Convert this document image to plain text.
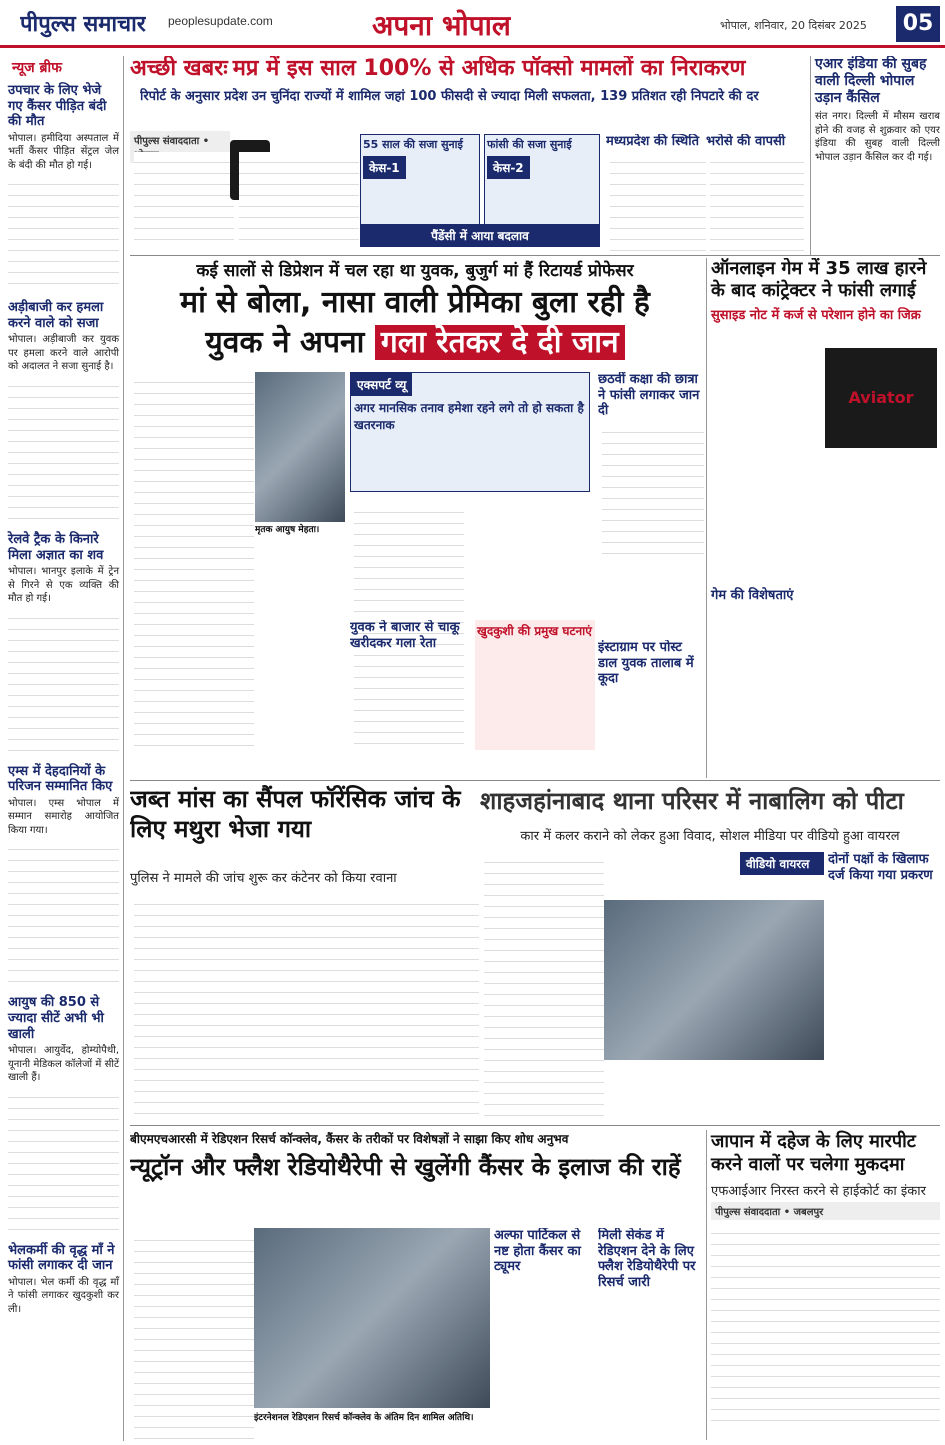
पीपुल्स समाचार peoplesupdate.com	अपना भोपाल	भोपाल, शनिवार, 20 दिसंबर 2025	05
न्यूज ब्रीफ
उपचार के लिए भेजे गए कैंसर पीड़ित बंदी की मौत
भोपाल। हमीदिया अस्पताल में भर्ती कैंसर पीड़ित सेंट्रल जेल के बंदी की मौत हो गई।
अड़ीबाजी कर हमला करने वाले को सजा
भोपाल। अड़ीबाजी कर युवक पर हमला करने वाले आरोपी को अदालत ने सजा सुनाई है।
रेलवे ट्रैक के किनारे मिला अज्ञात का शव
भोपाल। भानपुर इलाके में ट्रेन से गिरने से एक व्यक्ति की मौत हो गई।
एम्स में देहदानियों के परिजन सम्मानित किए
भोपाल। एम्स भोपाल में सम्मान समारोह आयोजित किया गया।
आयुष की 850 से ज्यादा सीटें अभी भी खाली
भोपाल। आयुर्वेद, होम्योपैथी, यूनानी मेडिकल कॉलेजों में सीटें खाली हैं।
भेलकर्मी की वृद्ध माँ ने फांसी लगाकर दी जान
भोपाल। भेल कर्मी की वृद्ध माँ ने फांसी लगाकर खुदकुशी कर ली।
अच्छी खबरः मप्र में इस साल 100% से अधिक पॉक्सो मामलों का निराकरण
रिपोर्ट के अनुसार प्रदेश उन चुनिंदा राज्यों में शामिल जहां 100 फीसदी से ज्यादा मिली सफलता, 139 प्रतिशत रही निपटारे की दर
पीपुल्स संवाददाता •	55 साल की सजा सुनाई
केस-1
फांसी की सजा सुनाई
केस-2
पैंडेंसी में आया बदलाव
मध्यप्रदेश की स्थिति भरोसे की वापसी
एआर इंडिया की सुबह वाली दिल्ली भोपाल उड़ान कैंसिल
संत नगर। दिल्ली में मौसम खराब होने की वजह से शुक्रवार को एयर इंडिया की सुबह वाली दिल्ली भोपाल उड़ान कैंसिल कर दी गई।
कई सालों से डिप्रेशन में चल रहा था युवक, बुजुर्ग मां हैं रिटायर्ड प्रोफेसर
मां से बोला, नासा वाली प्रेमिका बुला रही है
युवक ने अपना गला रेतकर दे दी जान
मृतक आयुष मेहता।
एक्सपर्ट व्यू
अगर मानसिक तनाव हमेशा रहने लगे तो हो सकता है खतरनाक
छठवीं कक्षा की छात्रा ने फांसी लगाकर जान दी
युवक ने बाजार से चाकू खरीदकर गला रेता
खुदकुशी की प्रमुख घटनाएं
इंस्टाग्राम पर पोस्ट डाल युवक तालाब में कूदा
ऑनलाइन गेम में 35 लाख हारने के बाद कांट्रेक्टर ने फांसी लगाई
सुसाइड नोट में कर्ज से परेशान होने का जिक्र
Aviator
गेम की विशेषताएं
जब्त मांस का सैंपल फॉरेंसिक जांच के लिए मथुरा भेजा गया
पुलिस ने मामले की जांच शुरू कर कंटेनर को किया रवाना
शाहजहांनाबाद थाना परिसर में नाबालिग को पीटा
कार में कलर कराने को लेकर हुआ विवाद, सोशल मीडिया पर वीडियो हुआ वायरल
वीडियो वायरल	दोनों पक्षों के खिलाफ दर्ज किया गया प्रकरण
बीएमएचआरसी में रेडिएशन रिसर्च कॉन्क्लेव, कैंसर के तरीकों पर विशेषज्ञों ने साझा किए शोध अनुभव
न्यूट्रॉन और फ्लैश रेडियोथैरेपी से खुलेंगी कैंसर के इलाज की राहें
इंटरनेशनल रेडिएशन रिसर्च कॉन्क्लेव के अंतिम दिन शामिल अतिथि।
अल्फा पार्टिकल से नष्ट होता कैंसर का ट्यूमर
मिली सेकंड में रेडिएशन देने के लिए फ्लैश रेडियोथैरेपी पर रिसर्च जारी
जापान में दहेज के लिए मारपीट करने वालों पर चलेगा मुकदमा
एफआईआर निरस्त करने से हाईकोर्ट का इंकार
पीपुल्स संवाददाता • जबलपुर
